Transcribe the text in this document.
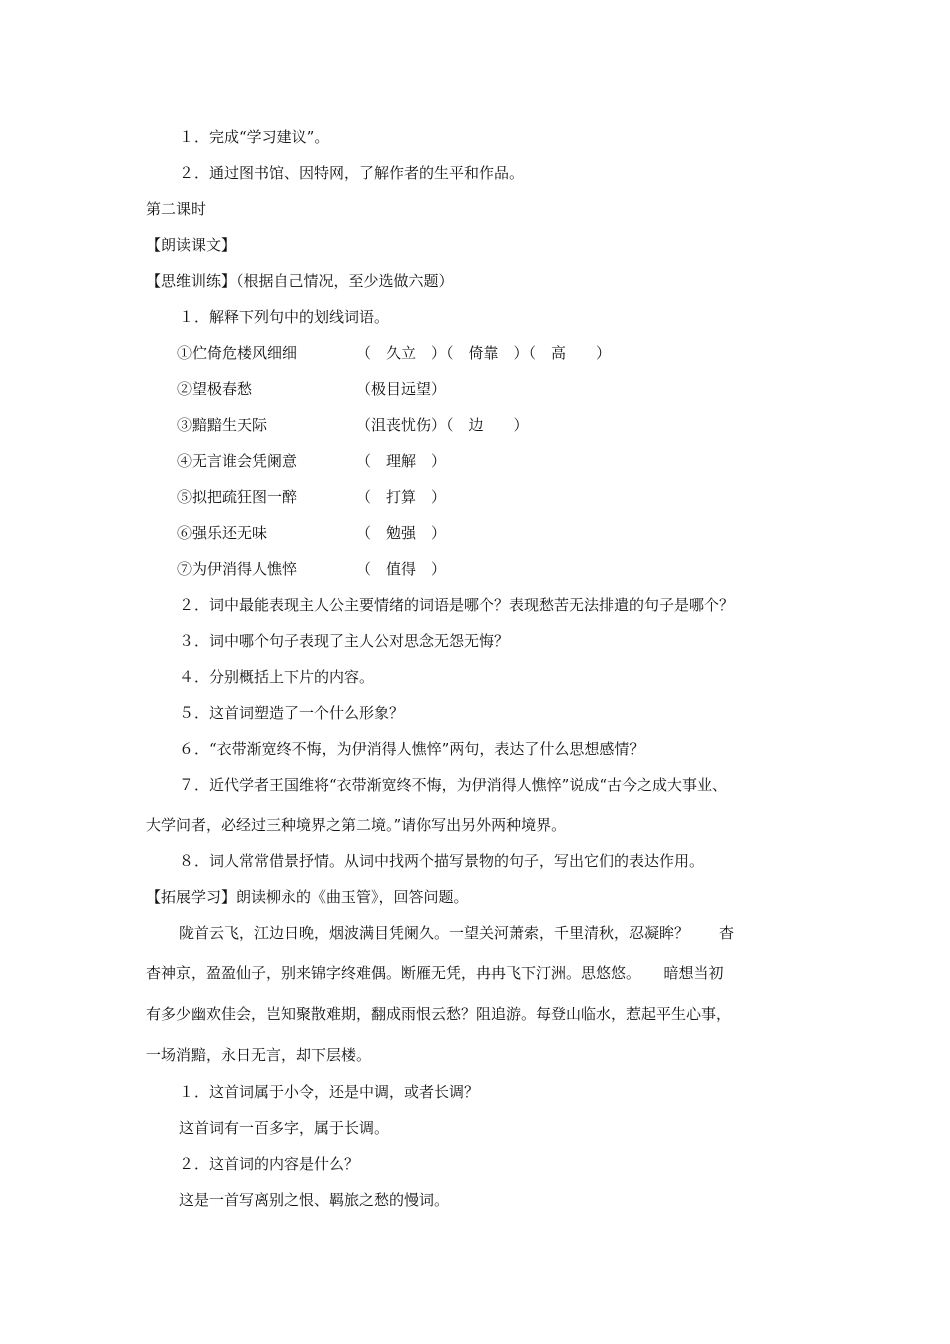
１．完成“学习建议”。
２．通过图书馆、因特网，了解作者的生平和作品。
第二课时
【朗读课文】
【思维训练】（根据自己情况，至少选做六题）
１．解释下列句中的划线词语。
①伫倚危楼风细细	（　久立　）（　倚靠　）（　高　　）
②望极春愁	（极目远望）
③黯黯生天际	（沮丧忧伤）（　边　　）
④无言谁会凭阑意	（　理解　）
⑤拟把疏狂图一醉	（　打算　）
⑥强乐还无味	（　勉强　）
⑦为伊消得人憔悴	（　值得　）
２．词中最能表现主人公主要情绪的词语是哪个？表现愁苦无法排遣的句子是哪个？
３．词中哪个句子表现了主人公对思念无怨无悔？
４．分别概括上下片的内容。
５．这首词塑造了一个什么形象？
６．“衣带渐宽终不悔，为伊消得人憔悴”两句，表达了什么思想感情？
７．近代学者王国维将“衣带渐宽终不悔，为伊消得人憔悴”说成“古今之成大事业、
大学问者，必经过三种境界之第二境。”请你写出另外两种境界。
８．词人常常借景抒情。从词中找两个描写景物的句子，写出它们的表达作用。
【拓展学习】朗读柳永的《曲玉管》，回答问题。
陇首云飞，江边日晚，烟波满目凭阑久。一望关河萧索，千里清秋，忍凝眸？　　杳
杳神京，盈盈仙子，别来锦字终难偶。断雁无凭，冉冉飞下汀洲。思悠悠。　　暗想当初
有多少幽欢佳会，岂知聚散难期，翻成雨恨云愁？阻追游。每登山临水，惹起平生心事，
一场消黯，永日无言，却下层楼。
１．这首词属于小令，还是中调，或者长调？
这首词有一百多字，属于长调。
２．这首词的内容是什么？
这是一首写离别之恨、羁旅之愁的慢词。
